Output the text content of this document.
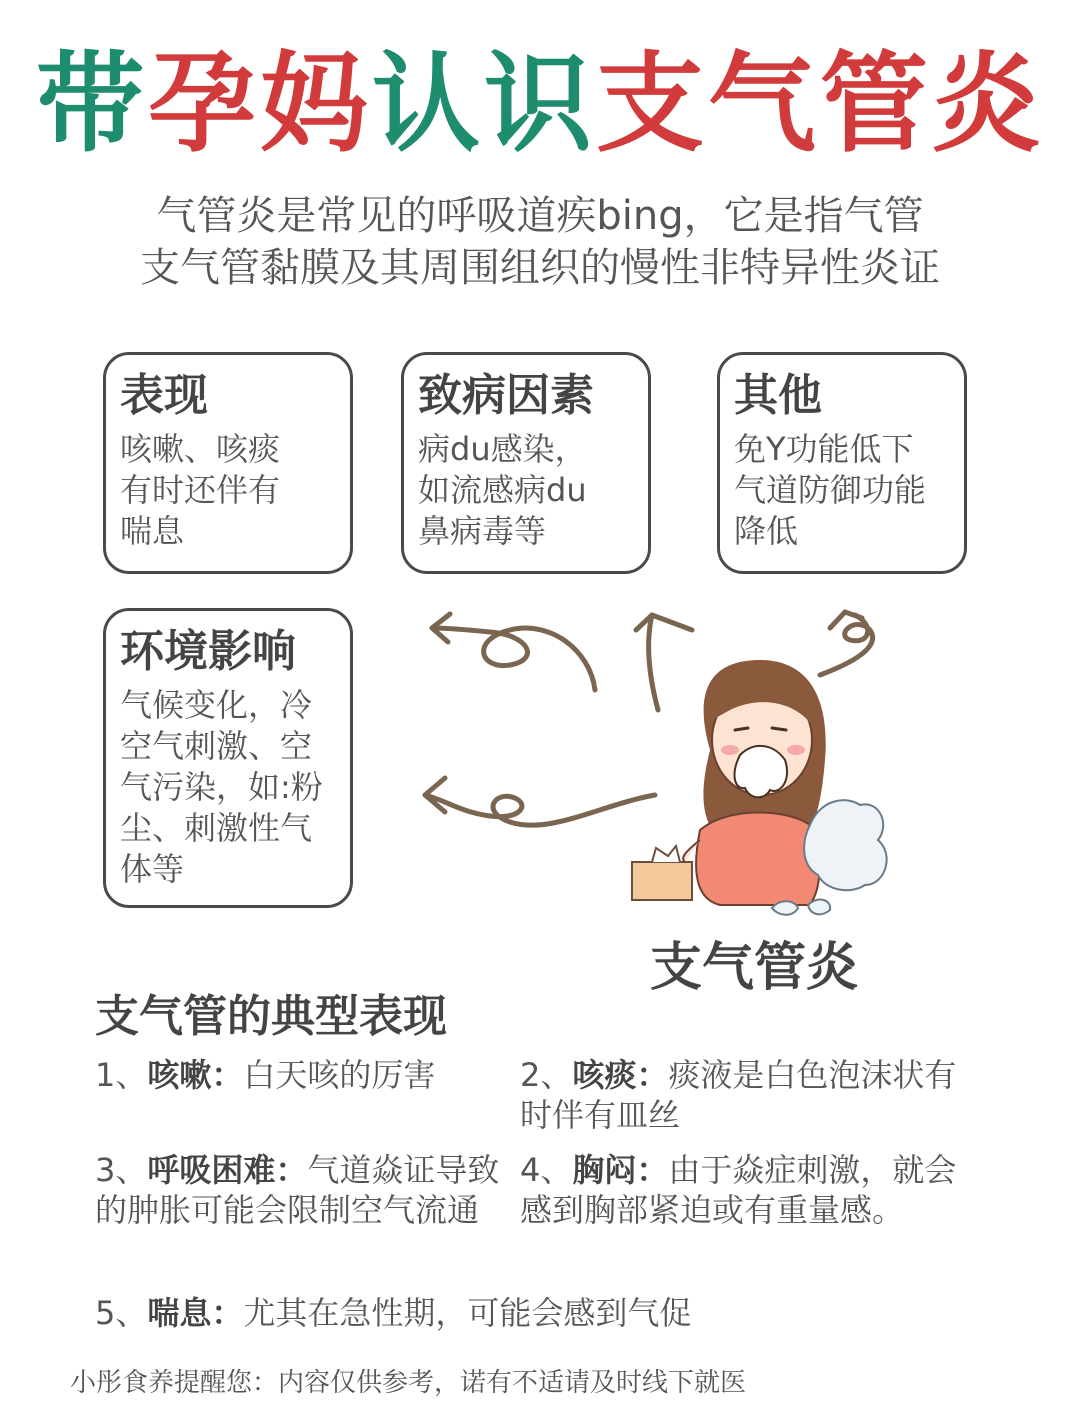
带孕妈认识支气管炎
气管炎是常见的呼吸道疾bing，它是指气管
支气管黏膜及其周围组织的慢性非特异性炎证
表现

咳嗽、咳痰
有时还伴有
喘息

致病因素

病du感染，
如流感病du
鼻病毒等

其他

免Y功能低下
气道防御功能
降低

环境影响

气候变化，冷
空气刺激、空
气污染，如:粉
尘、刺激性气
体等

支气管炎
支气管的典型表现
1、咳嗽：白天咳的厉害	2、咳痰：痰液是白色泡沫状有时伴有皿丝
3、呼吸困难：气道焱证导致的肿胀可能会限制空气流通
4、胸闷：由于焱症刺激，就会感到胸部紧迫或有重量感。
5、喘息：尤其在急性期，可能会感到气促
小彤食养提醒您：内容仅供参考，诺有不适请及时线下就医
